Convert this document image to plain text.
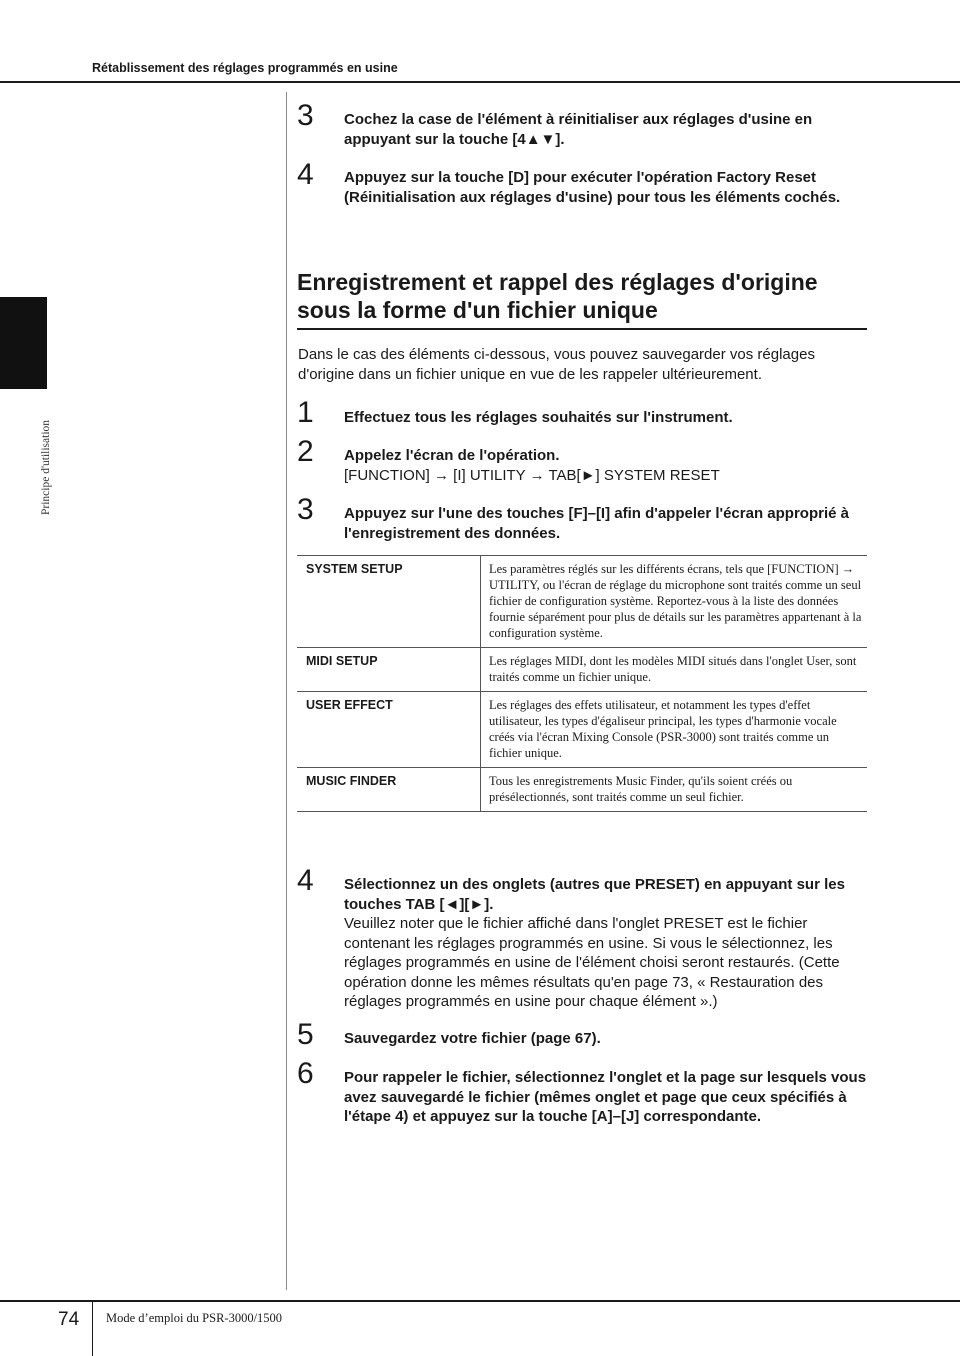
Rétablissement des réglages programmés en usine
Principe d'utilisation
3	Cochez la case de l'élément à réinitialiser aux réglages d'usine en appuyant sur la touche [4▲▼].
4	Appuyez sur la touche [D] pour exécuter l'opération Factory Reset (Réinitialisation aux réglages d'usine) pour tous les éléments cochés.
Enregistrement et rappel des réglages d'origine sous la forme d'un fichier unique
Dans le cas des éléments ci-dessous, vous pouvez sauvegarder vos réglages d'origine dans un fichier unique en vue de les rappeler ultérieurement.
1	Effectuez tous les réglages souhaités sur l'instrument.
2	Appelez l'écran de l'opération.
[FUNCTION] → [I] UTILITY → TAB[►] SYSTEM RESET
3	Appuyez sur l'une des touches [F]–[I] afin d'appeler l'écran approprié à l'enregistrement des données.
SYSTEM SETUP	Les paramètres réglés sur les différents écrans, tels que [FUNCTION] → UTILITY, ou l'écran de réglage du microphone sont traités comme un seul fichier de configuration système. Reportez-vous à la liste des données fournie séparément pour plus de détails sur les paramètres appartenant à la configuration système.
MIDI SETUP	Les réglages MIDI, dont les modèles MIDI situés dans l'onglet User, sont traités comme un fichier unique.
USER EFFECT	Les réglages des effets utilisateur, et notamment les types d'effet utilisateur, les types d'égaliseur principal, les types d'harmonie vocale créés via l'écran Mixing Console (PSR-3000) sont traités comme un fichier unique.
MUSIC FINDER	Tous les enregistrements Music Finder, qu'ils soient créés ou présélectionnés, sont traités comme un seul fichier.
4	Sélectionnez un des onglets (autres que PRESET) en appuyant sur les touches TAB [◄][►].
Veuillez noter que le fichier affiché dans l'onglet PRESET est le fichier contenant les réglages programmés en usine. Si vous le sélectionnez, les réglages programmés en usine de l'élément choisi seront restaurés. (Cette opération donne les mêmes résultats qu'en page 73, « Restauration des réglages programmés en usine pour chaque élément ».)
5	Sauvegardez votre fichier (page 67).
6	Pour rappeler le fichier, sélectionnez l'onglet et la page sur lesquels vous avez sauvegardé le fichier (mêmes onglet et page que ceux spécifiés à l'étape 4) et appuyez sur la touche [A]–[J] correspondante.
74 Mode d’emploi du PSR-3000/1500
